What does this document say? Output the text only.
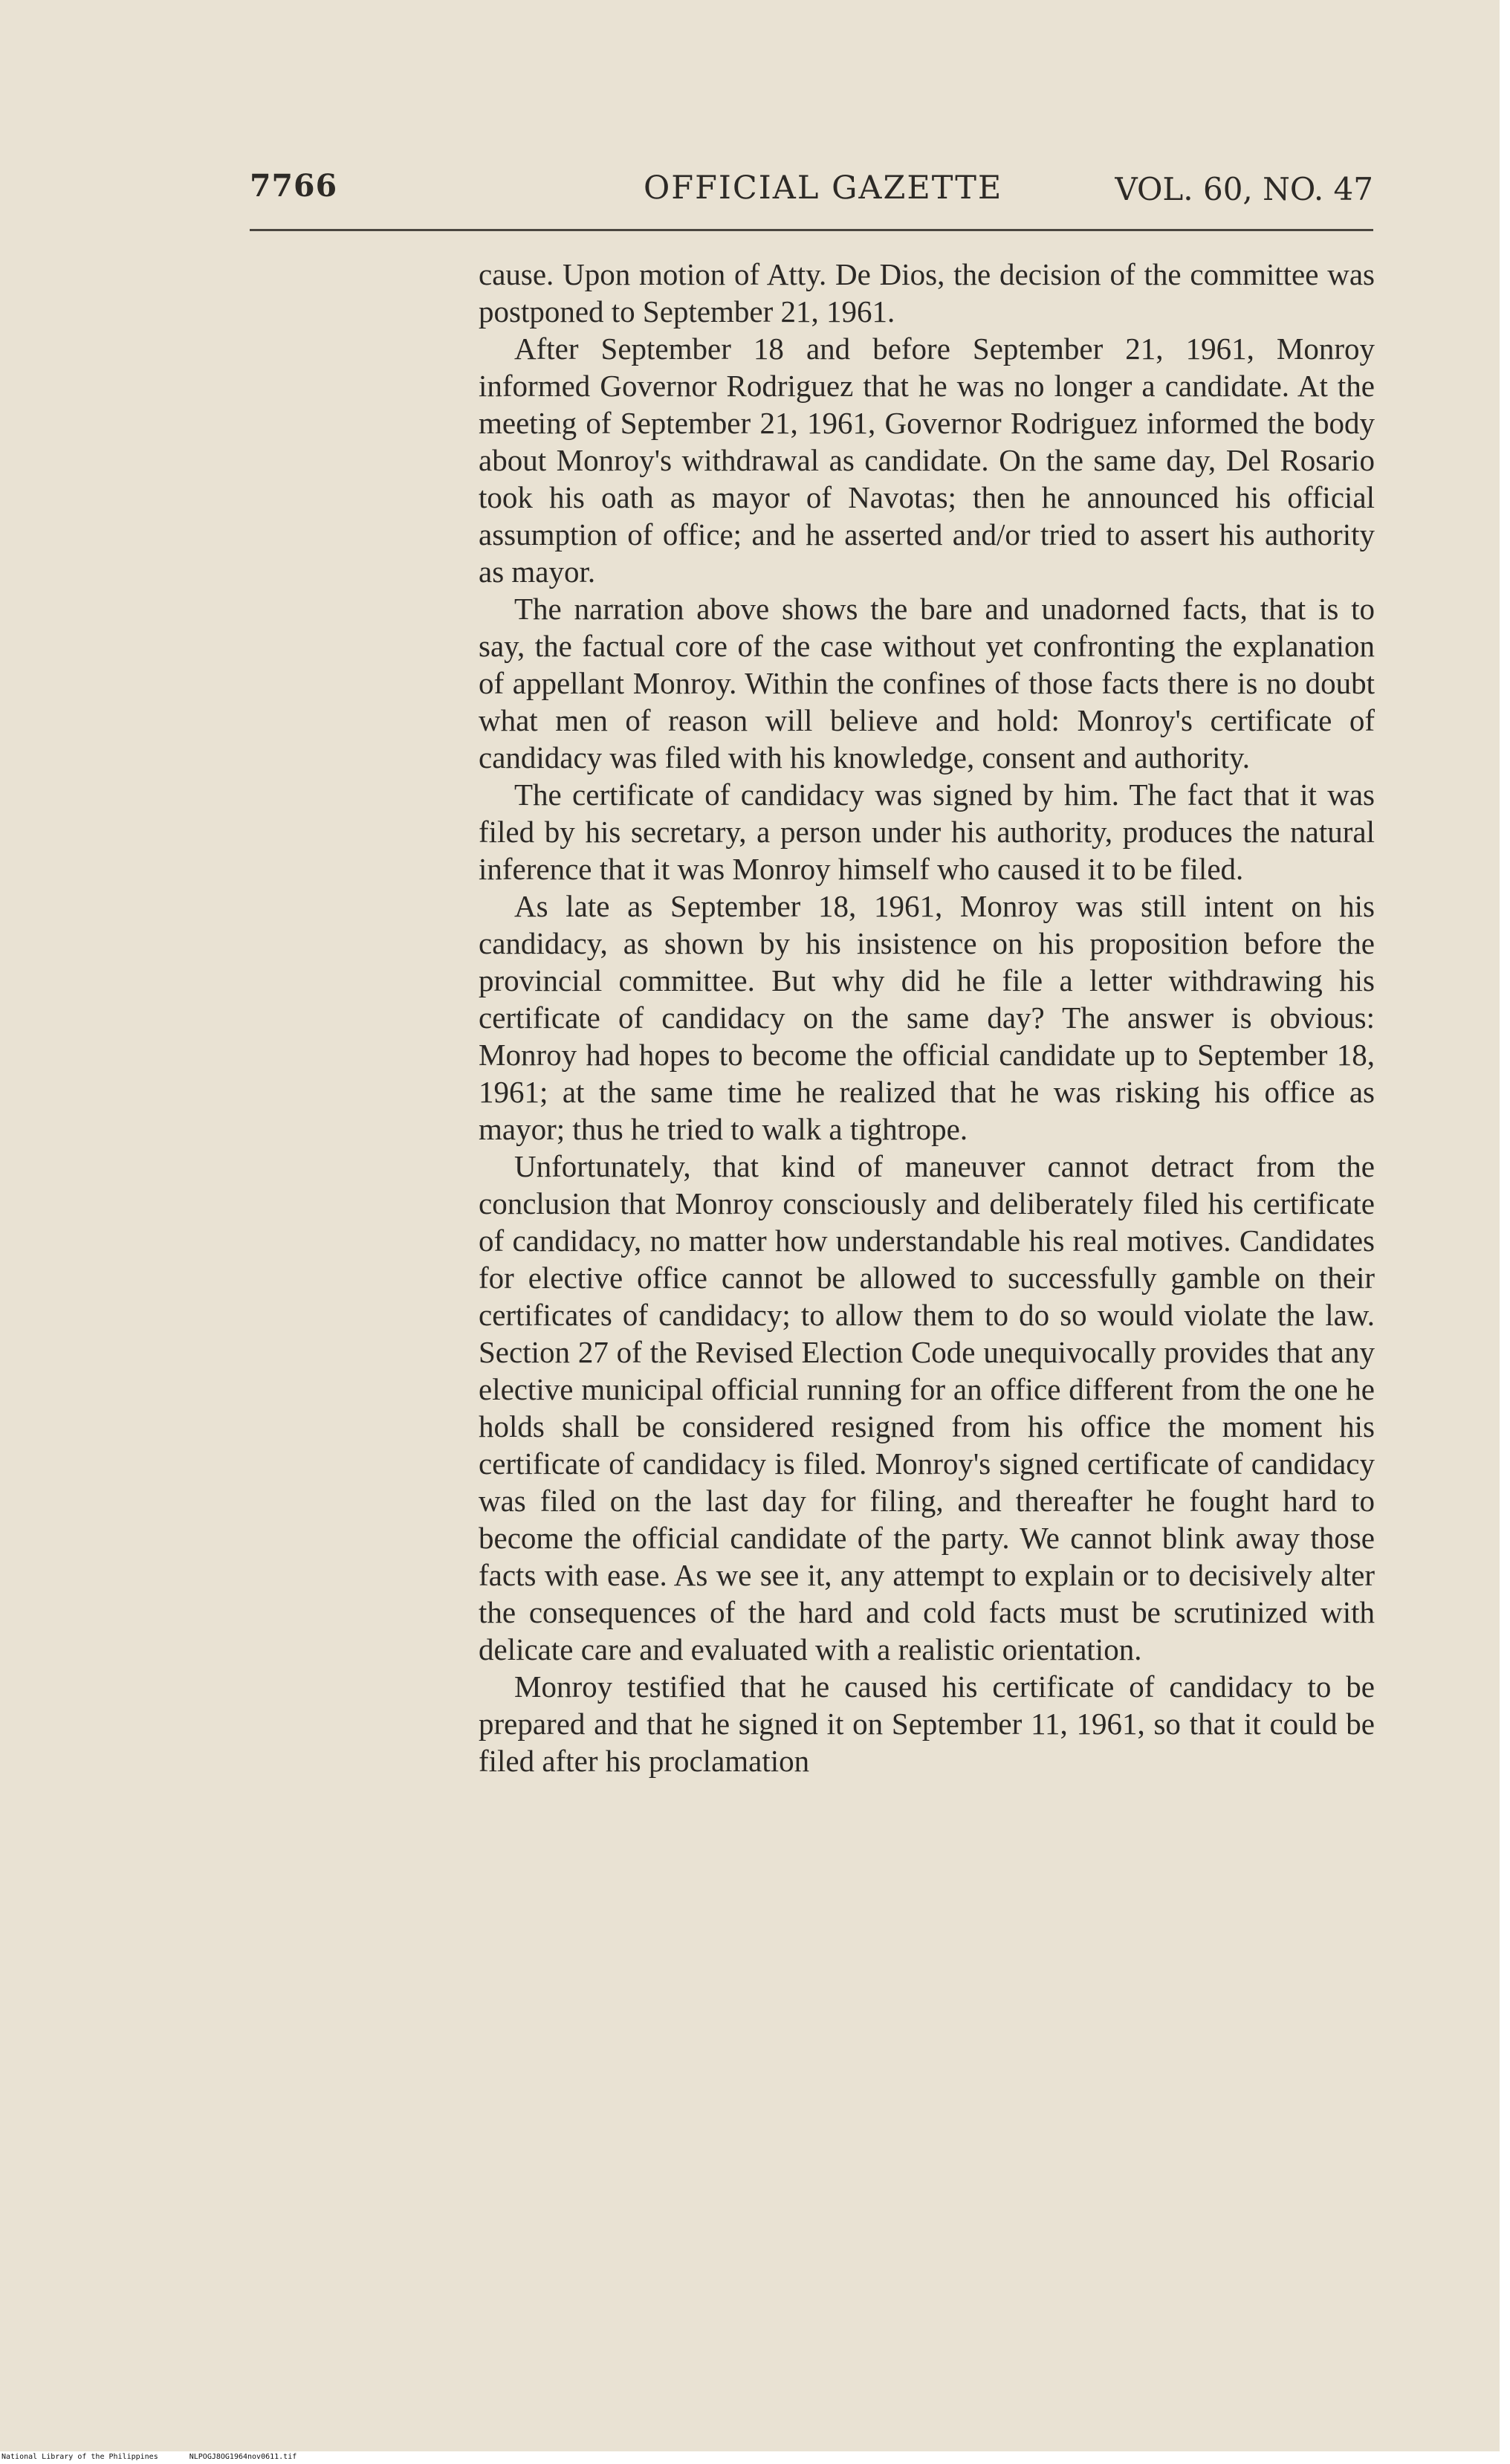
7766	OFFICIAL GAZETTE	VOL. 60, NO. 47

cause. Upon motion of Atty. De Dios, the decision of the committee was postponed to September 21, 1961.

After September 18 and before September 21, 1961, Monroy informed Governor Rodriguez that he was no longer a candidate. At the meeting of September 21, 1961, Governor Rodriguez informed the body about Monroy's withdrawal as candidate. On the same day, Del Rosario took his oath as mayor of Navotas; then he announced his official assumption of office; and he asserted and/or tried to assert his authority as mayor.

The narration above shows the bare and unadorned facts, that is to say, the factual core of the case without yet confronting the explanation of appellant Monroy. Within the confines of those facts there is no doubt what men of reason will believe and hold: Monroy's certificate of candidacy was filed with his knowledge, consent and authority.

The certificate of candidacy was signed by him. The fact that it was filed by his secretary, a person under his authority, produces the natural inference that it was Monroy himself who caused it to be filed.

As late as September 18, 1961, Monroy was still intent on his candidacy, as shown by his insistence on his proposition before the provincial committee. But why did he file a letter withdrawing his certificate of candidacy on the same day? The answer is obvious: Monroy had hopes to become the official candidate up to September 18, 1961; at the same time he realized that he was risking his office as mayor; thus he tried to walk a tightrope.

Unfortunately, that kind of maneuver cannot detract from the conclusion that Monroy consciously and deliberately filed his certificate of candidacy, no matter how understandable his real motives. Candidates for elective office cannot be allowed to successfully gamble on their certificates of candidacy; to allow them to do so would violate the law. Section 27 of the Revised Election Code unequivocally provides that any elective municipal official running for an office different from the one he holds shall be considered resigned from his office the moment his certificate of candidacy is filed. Monroy's signed certificate of candidacy was filed on the last day for filing, and thereafter he fought hard to become the official candidate of the party. We cannot blink away those facts with ease. As we see it, any attempt to explain or to decisively alter the consequences of the hard and cold facts must be scrutinized with delicate care and evaluated with a realistic orientation.

Monroy testified that he caused his certificate of candidacy to be prepared and that he signed it on September 11, 1961, so that it could be filed after his proclamation

National Library of the Philippines	NLPOGJ8OG1964nov0611.tif
